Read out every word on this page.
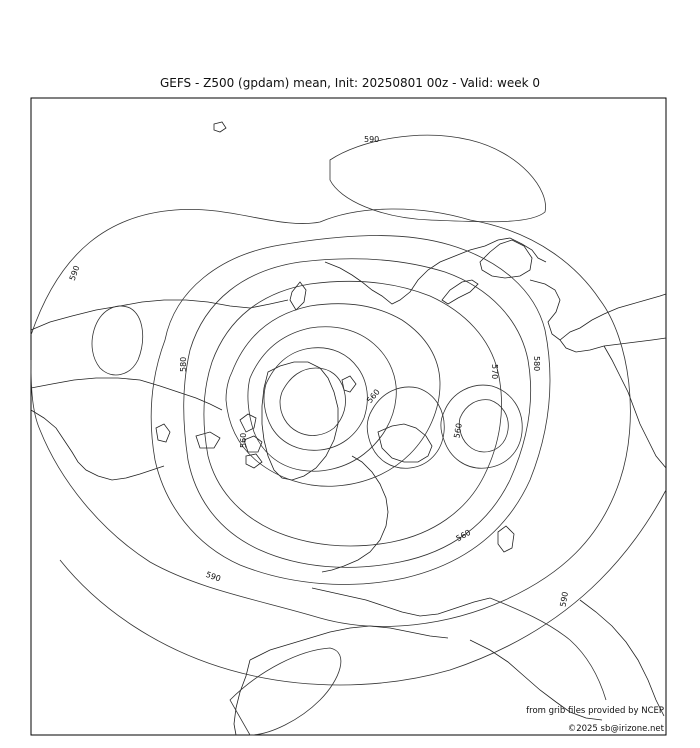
GEFS - Z500 (gpdam) mean, Init: 20250801 00z - Valid: week 0
590
590
580
590
560
560
560
570
580
590
560
from grib files provided by NCEP
©2025 sb@irizone.net
